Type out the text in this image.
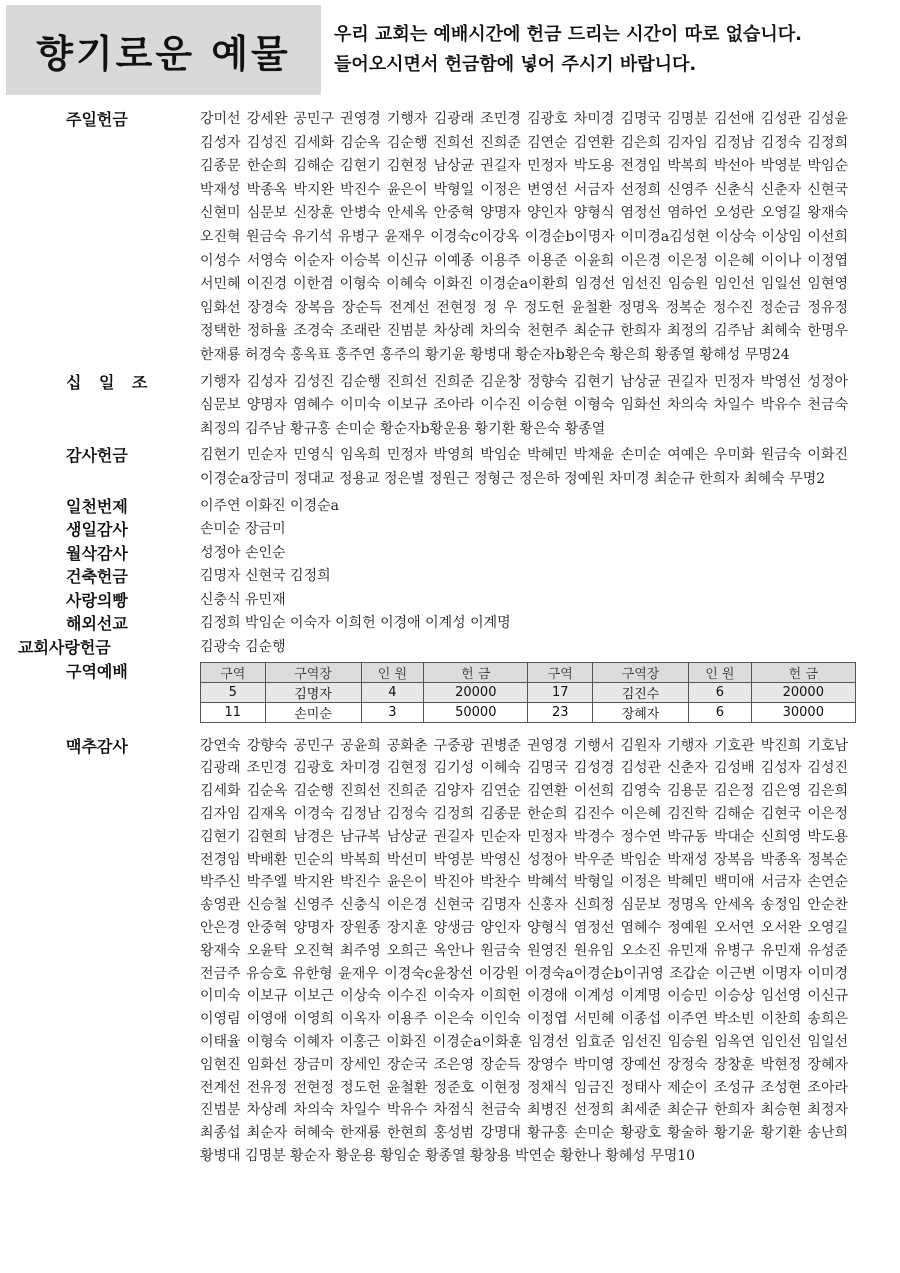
향기로운 예물 우리 교회는 예배시간에 헌금 드리는 시간이 따로 없습니다.
들어오시면서 헌금함에 넣어 주시기 바랍니다.
주일헌금	강미선 강세완 공민구 권영경 기행자 김광래 조민경 김광호 차미경 김명국 김명분 김선애 김성관 김성윤 김성자 김성진 김세화 김순옥 김순행 진희선 진희준 김연순 김연환 김은희 김자임 김정남 김정숙 김정희 김종문 한순희 김해순 김현기 김현정 남상균 권길자 민정자 박도용 전경임 박복희 박선아 박영분 박임순 박재성 박종옥 박지완 박진수 윤은이 박형일 이정은 변영선 서금자 선정희 신영주 신춘식 신춘자 신현국 신현미 심문보 신장훈 안병숙 안세옥 안중혁 양명자 양인자 양형식 염정선 염하언 오성란 오영길 왕재숙 오진혁 원금숙 유기석 유병구 윤재우 이경숙c이강옥 이경순b이명자 이미경a김성현 이상숙 이상임 이선희 이성수 서영숙 이순자 이승복 이신규 이예종 이용주 이용준 이윤희 이은경 이은정 이은혜 이이나 이정엽 서민혜 이진경 이한겸 이형숙 이혜숙 이화진 이경순a이환희 임경선 임선진 임승원 임인선 임일선 임현영 임화선 장경숙 장복음 장순득 전계선 전현정 정 우 정도헌 윤철환 정명옥 정복순 정수진 정순금 정유정 정택한 정하율 조경숙 조래란 진범분 차상례 차의숙 천현주 최순규 한희자 최정의 김주남 최혜숙 한명우 한재룡 허경숙 홍옥표 홍주연 홍주의 황기윤 황병대 황순자b황은숙 황은희 황종열 황해성 무명24
십 일 조	기행자 김성자 김성진 김순행 진희선 진희준 김운창 정향숙 김현기 남상균 권길자 민정자 박영선 성정아 심문보 양명자 염혜수 이미숙 이보규 조아라 이수진 이승현 이형숙 임화선 차의숙 차일수 박유수 천금숙 최정의 김주남 황규홍 손미순 황순자b황운용 황기환 황은숙 황종열
감사헌금	김현기 민순자 민영식 임옥희 민정자 박영희 박임순 박혜민 박채윤 손미순 여예은 우미화 원금숙 이화진 이경순a장금미 정대교 정용교 정은별 정원근 정형근 정은하 정예원 차미경 최순규 한희자 최혜숙 무명2
일천번제	이주연 이화진 이경순a
생일감사	손미순 장금미
월삭감사	성정아 손인순
건축헌금	김명자 신현국 김정희
사랑의빵	신충식 유민재
해외선교	김정희 박임순 이숙자 이희헌 이경애 이계성 이계명
교회사랑헌금	김광숙 김순행
구역예배	구역	구역장	인 원	헌 금	구역	구역장	인 원	헌 금
5	김명자	4	20000	17	김진수	6	20000
11	손미순	3	50000	23	장혜자	6	30000
맥추감사	강연숙 강향숙 공민구 공윤희 공화춘 구중광 권병준 권영경 기행서 김원자 기행자 기호관 박진희 기호남 김광래 조민경 김광호 차미경 김현정 김기성 이혜숙 김명국 김성경 김성관 신춘자 김성배 김성자 김성진 김세화 김순옥 김순행 진희선 진희준 김양자 김연순 김연환 이선희 김영숙 김용문 김은정 김은영 김은희 김자임 김재옥 이경숙 김정남 김정숙 김정희 김종문 한순희 김진수 이은혜 김진학 김해순 김현국 이은정 김현기 김현희 남경은 남규복 남상균 권길자 민순자 민정자 박경수 정수연 박규동 박대순 신희영 박도용 전경임 박배환 민순의 박복희 박선미 박영분 박영신 성정아 박우준 박임순 박재성 장복음 박종옥 정복순 박주신 박주엘 박지완 박진수 윤은이 박진아 박찬수 박혜석 박형일 이정은 박혜민 백미애 서금자 손연순 송영관 신승철 신영주 신충식 이은경 신현국 김명자 신홍자 신희정 심문보 정명옥 안세옥 송정임 안순찬 안은경 안중혁 양명자 장원종 장지훈 양생금 양인자 양형식 염정선 염혜수 정예원 오서연 오서완 오영길 왕재숙 오윤탁 오진혁 최주영 오희근 옥안나 원금숙 원영진 원유임 오소진 유민재 유병구 유민재 유성준 전금주 유승호 유한형 윤재우 이경숙c윤창선 이강원 이경숙a이경순b이귀영 조갑순 이근변 이명자 이미경 이미숙 이보규 이보근 이상숙 이수진 이숙자 이희헌 이경애 이계성 이계명 이승민 이승상 임선영 이신규 이영림 이영애 이영희 이옥자 이용주 이은숙 이인숙 이정엽 서민혜 이종섭 이주연 박소빈 이찬희 송희은 이태율 이형숙 이혜자 이홍근 이화진 이경순a이화훈 임경선 임효준 임선진 임승원 임옥연 임인선 임일선 임현진 임화선 장금미 장세인 장순국 조은영 장순득 장영수 박미영 장예선 장정숙 장창훈 박현정 장혜자 전계선 전유정 전현정 정도헌 윤철환 정준호 이현정 정채식 임금진 정태사 제순이 조성규 조성현 조아라 진범분 차상례 차의숙 차일수 박유수 차점식 천금숙 최병진 선정희 최세준 최순규 한희자 최승현 최정자 최종섭 최순자 허혜숙 한재룡 한현희 홍성범 강명대 황규홍 손미순 황광호 황술하 황기윤 황기환 송난희 황병대 김명분 황순자 황운용 황임순 황종열 황창용 박연순 황한나 황혜성 무명10
